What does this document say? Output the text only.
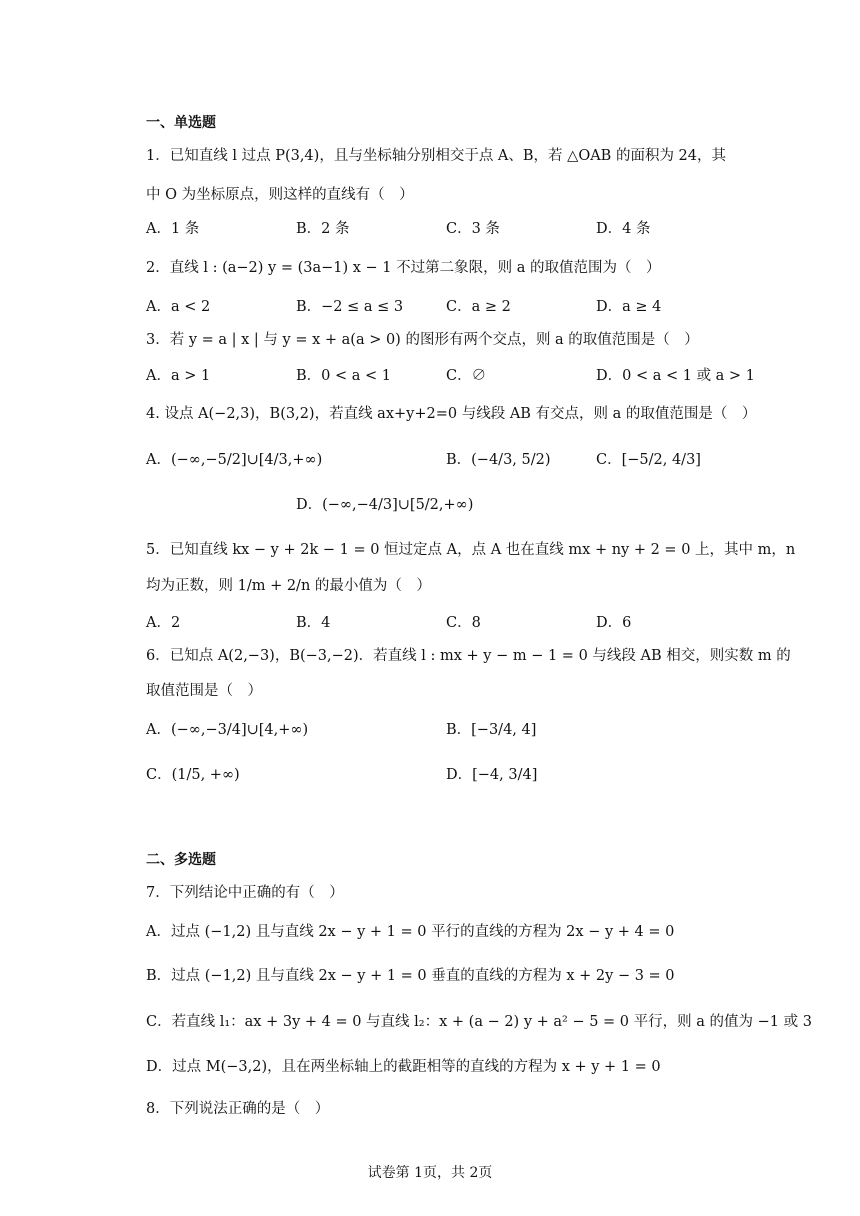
一、单选题
1．已知直线 l 过点 P(3,4)，且与坐标轴分别相交于点 A、B，若 △OAB 的面积为 24，其
中 O 为坐标原点，则这样的直线有（　）
A．1 条	B．2 条	C．3 条	D．4 条
2．直线 l : (a−2) y = (3a−1) x − 1 不过第二象限，则 a 的取值范围为（　）
A．a < 2	B．−2 ≤ a ≤ 3	C．a ≥ 2	D．a ≥ 4
3．若 y = a | x | 与 y = x + a(a > 0) 的图形有两个交点，则 a 的取值范围是（　）
A．a > 1	B．0 < a < 1	C．∅	D．0 < a < 1 或 a > 1
4. 设点 A(−2,3)，B(3,2)，若直线 ax+y+2=0 与线段 AB 有交点，则 a 的取值范围是（　）
A．(−∞,−5/2]∪[4/3,+∞)	B．(−4/3, 5/2)	C．[−5/2, 4/3]
D．(−∞,−4/3]∪[5/2,+∞)
5．已知直线 kx − y + 2k − 1 = 0 恒过定点 A，点 A 也在直线 mx + ny + 2 = 0 上，其中 m，n
均为正数，则 1/m + 2/n 的最小值为（　）
A．2	B．4	C．8	D．6
6．已知点 A(2,−3)，B(−3,−2)．若直线 l : mx + y − m − 1 = 0 与线段 AB 相交，则实数 m 的
取值范围是（　）
A．(−∞,−3/4]∪[4,+∞)	B．[−3/4, 4]
C．(1/5, +∞)	D．[−4, 3/4]
二、多选题
7．下列结论中正确的有（　）
A．过点 (−1,2) 且与直线 2x − y + 1 = 0 平行的直线的方程为 2x − y + 4 = 0
B．过点 (−1,2) 且与直线 2x − y + 1 = 0 垂直的直线的方程为 x + 2y − 3 = 0
C．若直线 l₁：ax + 3y + 4 = 0 与直线 l₂：x + (a − 2) y + a² − 5 = 0 平行，则 a 的值为 −1 或 3
D．过点 M(−3,2)，且在两坐标轴上的截距相等的直线的方程为 x + y + 1 = 0
8．下列说法正确的是（　）
试卷第 1页，共 2页
